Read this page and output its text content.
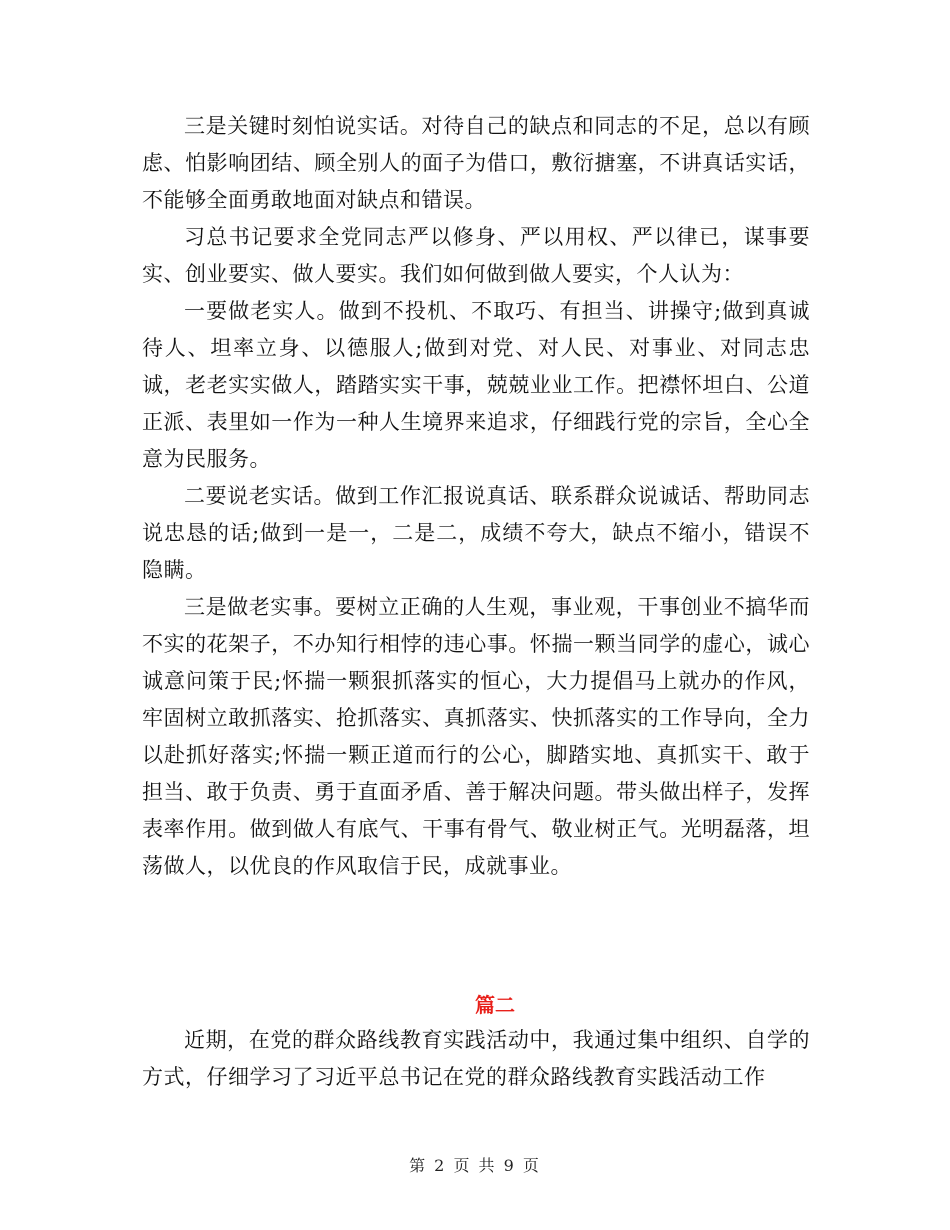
三是关键时刻怕说实话。对待自己的缺点和同志的不足，总以有顾虑、怕影响团结、顾全别人的面子为借口，敷衍搪塞，不讲真话实话，不能够全面勇敢地面对缺点和错误。

习总书记要求全党同志严以修身、严以用权、严以律已，谋事要实、创业要实、做人要实。我们如何做到做人要实，个人认为：

一要做老实人。做到不投机、不取巧、有担当、讲操守;做到真诚待人、坦率立身、以德服人;做到对党、对人民、对事业、对同志忠诚，老老实实做人，踏踏实实干事，兢兢业业工作。把襟怀坦白、公道正派、表里如一作为一种人生境界来追求，仔细践行党的宗旨，全心全意为民服务。

二要说老实话。做到工作汇报说真话、联系群众说诚话、帮助同志说忠恳的话;做到一是一，二是二，成绩不夸大，缺点不缩小，错误不隐瞒。

三是做老实事。要树立正确的人生观，事业观，干事创业不搞华而不实的花架子，不办知行相悖的违心事。怀揣一颗当同学的虚心，诚心诚意问策于民;怀揣一颗狠抓落实的恒心，大力提倡马上就办的作风，牢固树立敢抓落实、抢抓落实、真抓落实、快抓落实的工作导向，全力以赴抓好落实;怀揣一颗正道而行的公心，脚踏实地、真抓实干、敢于担当、敢于负责、勇于直面矛盾、善于解决问题。带头做出样子，发挥表率作用。做到做人有底气、干事有骨气、敬业树正气。光明磊落，坦荡做人，以优良的作风取信于民，成就事业。

篇二

近期，在党的群众路线教育实践活动中，我通过集中组织、自学的方式，仔细学习了习近平总书记在党的群众路线教育实践活动工作

第 2 页 共 9 页
